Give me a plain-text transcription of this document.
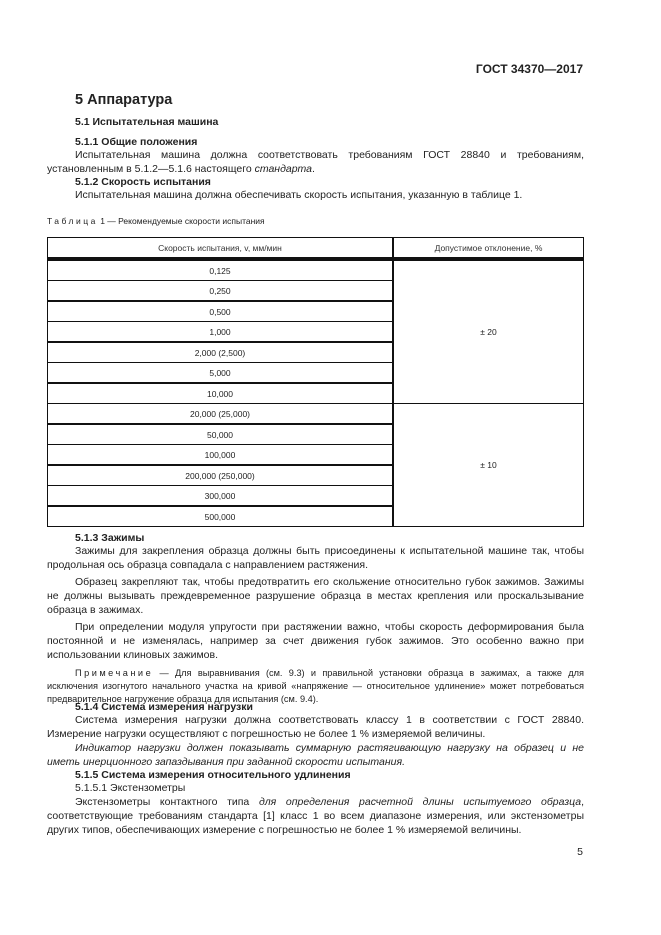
ГОСТ 34370—2017
5 Аппаратура
5.1 Испытательная машина
5.1.1 Общие положения
Испытательная машина должна соответствовать требованиям ГОСТ 28840 и требованиям, установленным в 5.1.2—5.1.6 настоящего стандарта.
5.1.2 Скорость испытания
Испытательная машина должна обеспечивать скорость испытания, указанную в таблице 1.
Таблица 1 — Рекомендуемые скорости испытания
Скорость испытания, v, мм/мин	Допустимое отклонение, %
0,125	± 20
0,250	
0,500	
1,000	
2,000 (2,500)	
5,000	
10,000	
20,000 (25,000)	± 10
50,000	
100,000	
200,000 (250,000)	
300,000	
500,000	
5.1.3 Зажимы
Зажимы для закрепления образца должны быть присоединены к испытательной машине так, чтобы продольная ось образца совпадала с направлением растяжения.
Образец закрепляют так, чтобы предотвратить его скольжение относительно губок зажимов. Зажимы не должны вызывать преждевременное разрушение образца в местах крепления или проскальзывание образца в зажимах.
При определении модуля упругости при растяжении важно, чтобы скорость деформирования была постоянной и не изменялась, например за счет движения губок зажимов. Это особенно важно при использовании клиновых зажимов.
Примечание — Для выравнивания (см. 9.3) и правильной установки образца в зажимах, а также для исключения изогнутого начального участка на кривой «напряжение — относительное удлинение» может потребоваться предварительное нагружение образца для испытания (см. 9.4).
5.1.4 Система измерения нагрузки
Система измерения нагрузки должна соответствовать классу 1 в соответствии с ГОСТ 28840. Измерение нагрузки осуществляют с погрешностью не более 1 % измеряемой величины.
Индикатор нагрузки должен показывать суммарную растягивающую нагрузку на образец и не иметь инерционного запаздывания при заданной скорости испытания.
5.1.5 Система измерения относительного удлинения
5.1.5.1 Экстензометры
Экстензометры контактного типа для определения расчетной длины испытуемого образца, соответствующие требованиям стандарта [1] класс 1 во всем диапазоне измерения, или экстензометры других типов, обеспечивающих измерение с погрешностью не более 1 % измеряемой величины.
5
